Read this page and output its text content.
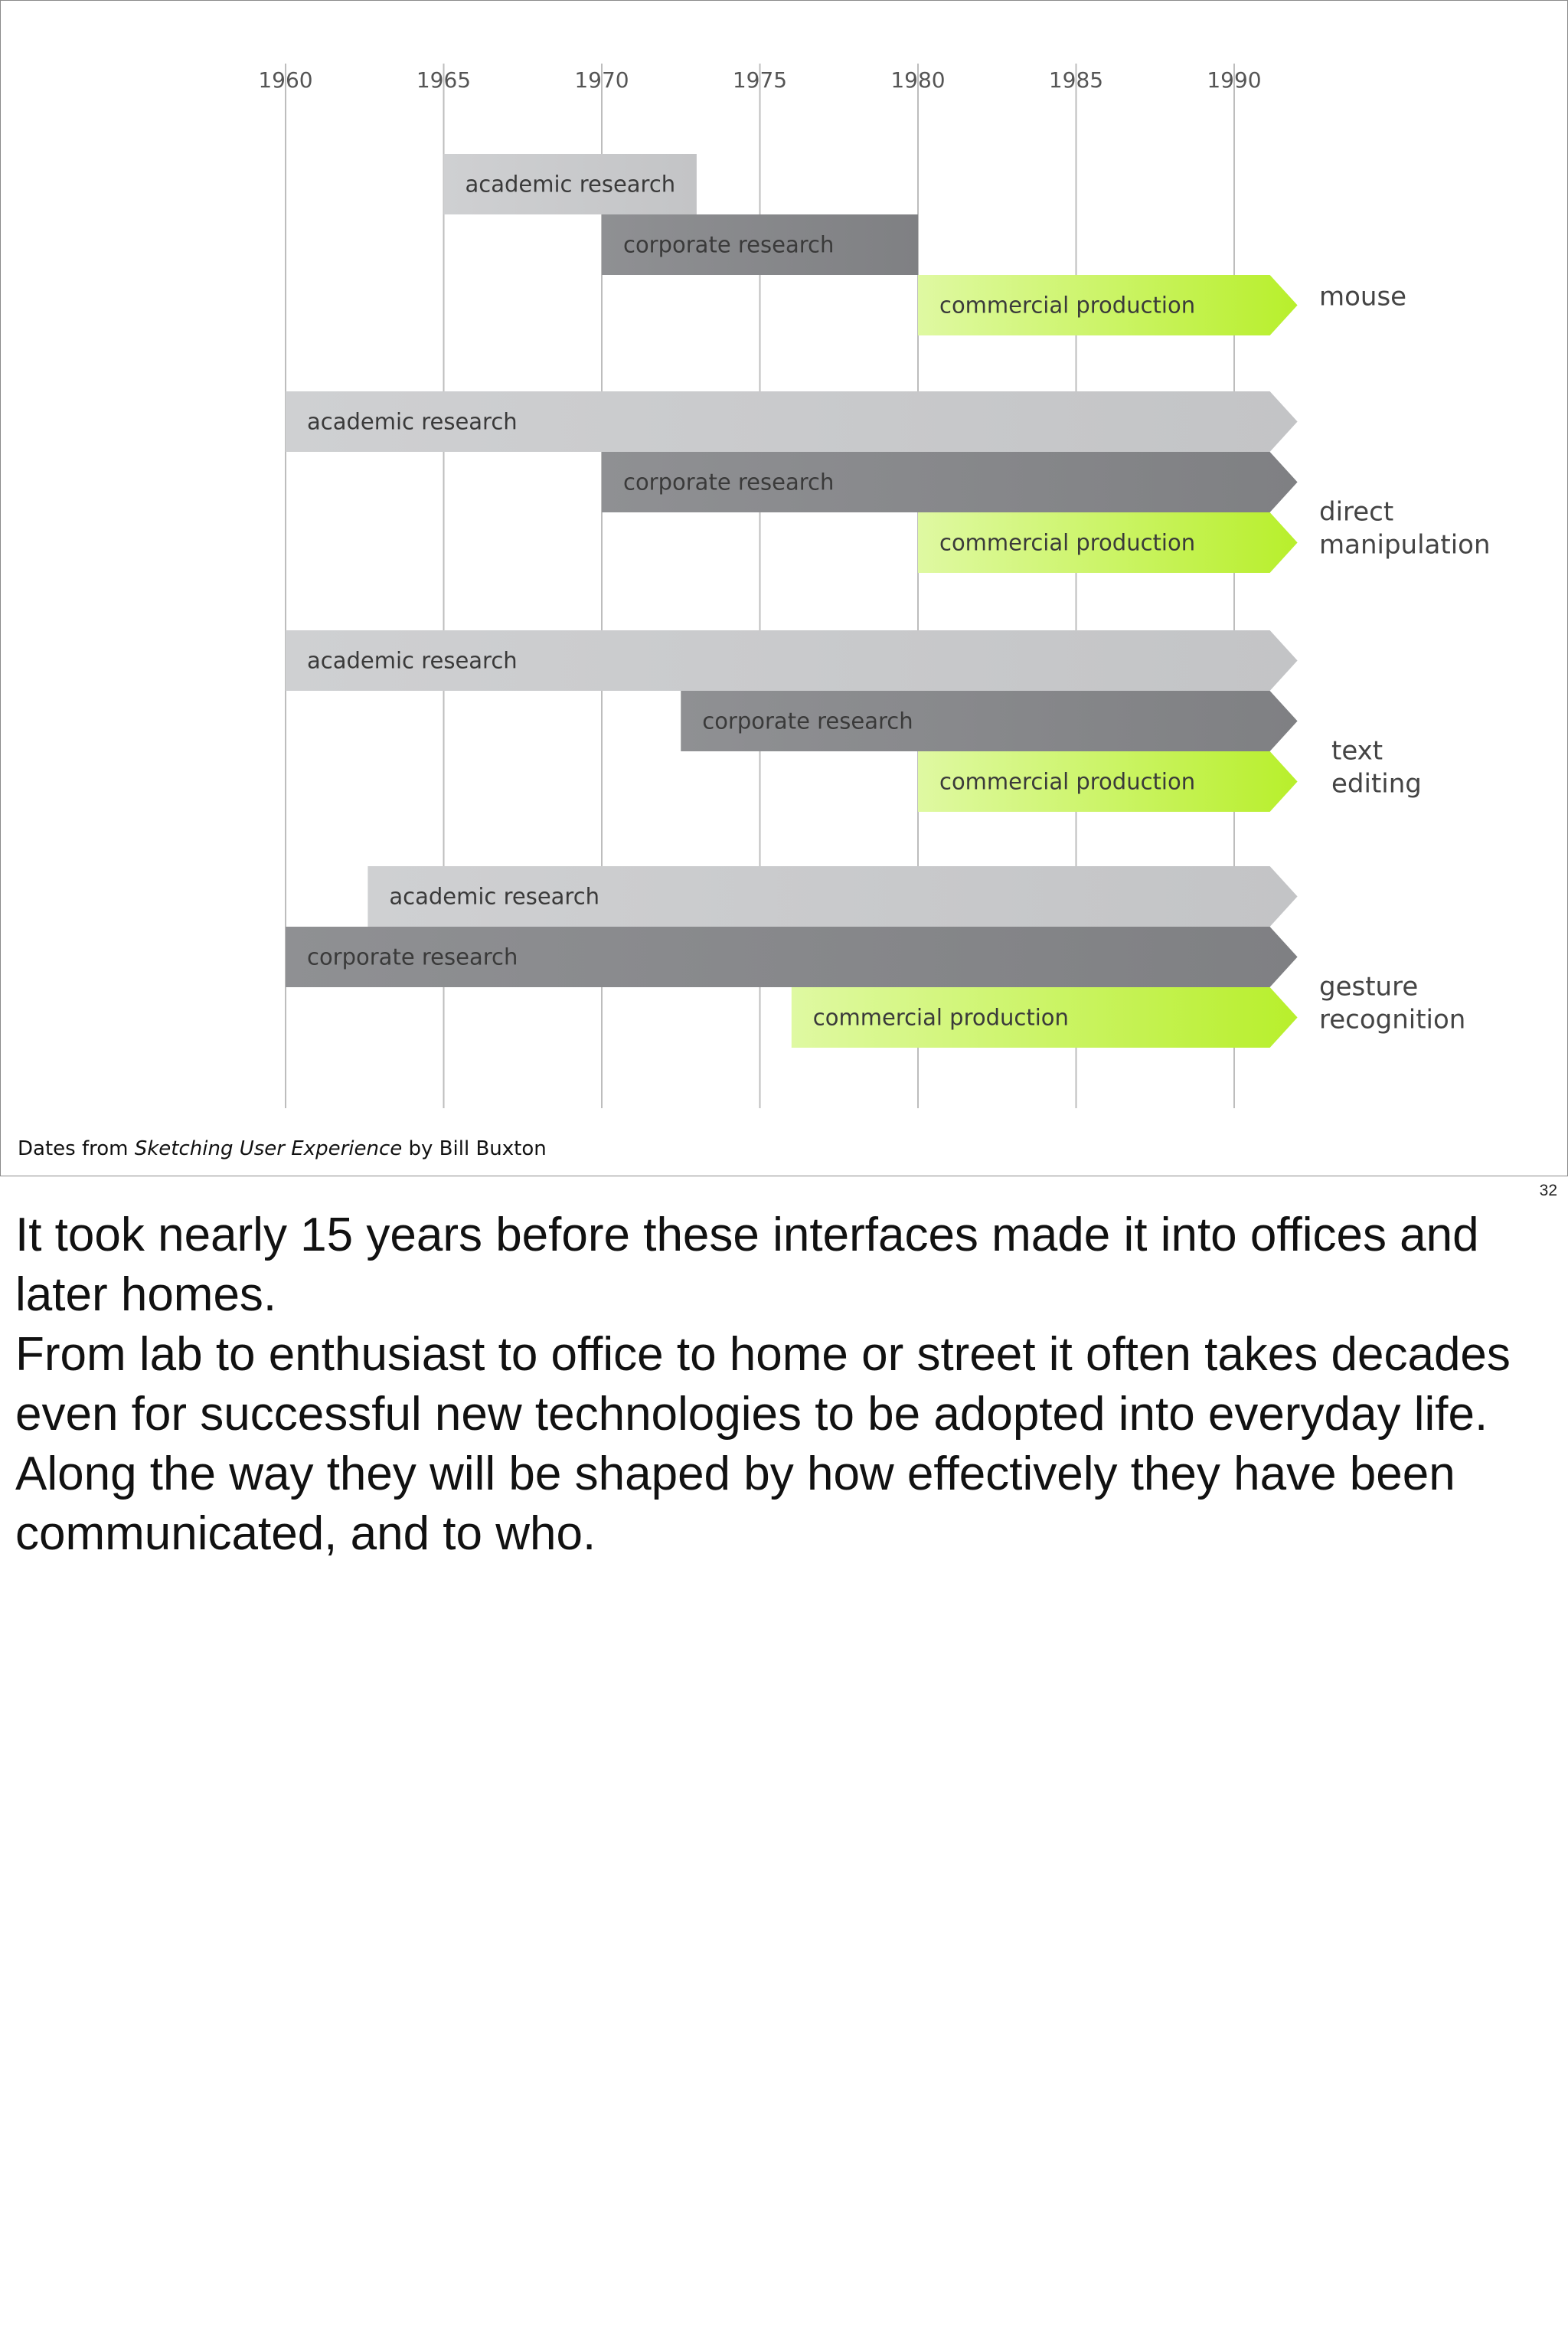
academic research
corporate research
commercial production	mouse
academic research
corporate research
commercial production
direct manipulation
academic research
corporate research
commercial production
text editing
academic research
corporate research
commercial production
gesture recognition
1960	1965	1970	1975	1980	1985	1990
Dates from Sketching User Experience by Bill Buxton
32

It took nearly 15 years before these interfaces made it into offices and later homes.

From lab to enthusiast to office to home or street it often takes decades even for successful new technologies to be adopted into everyday life.

Along the way they will be shaped by how effectively they have been communicated, and to who.
